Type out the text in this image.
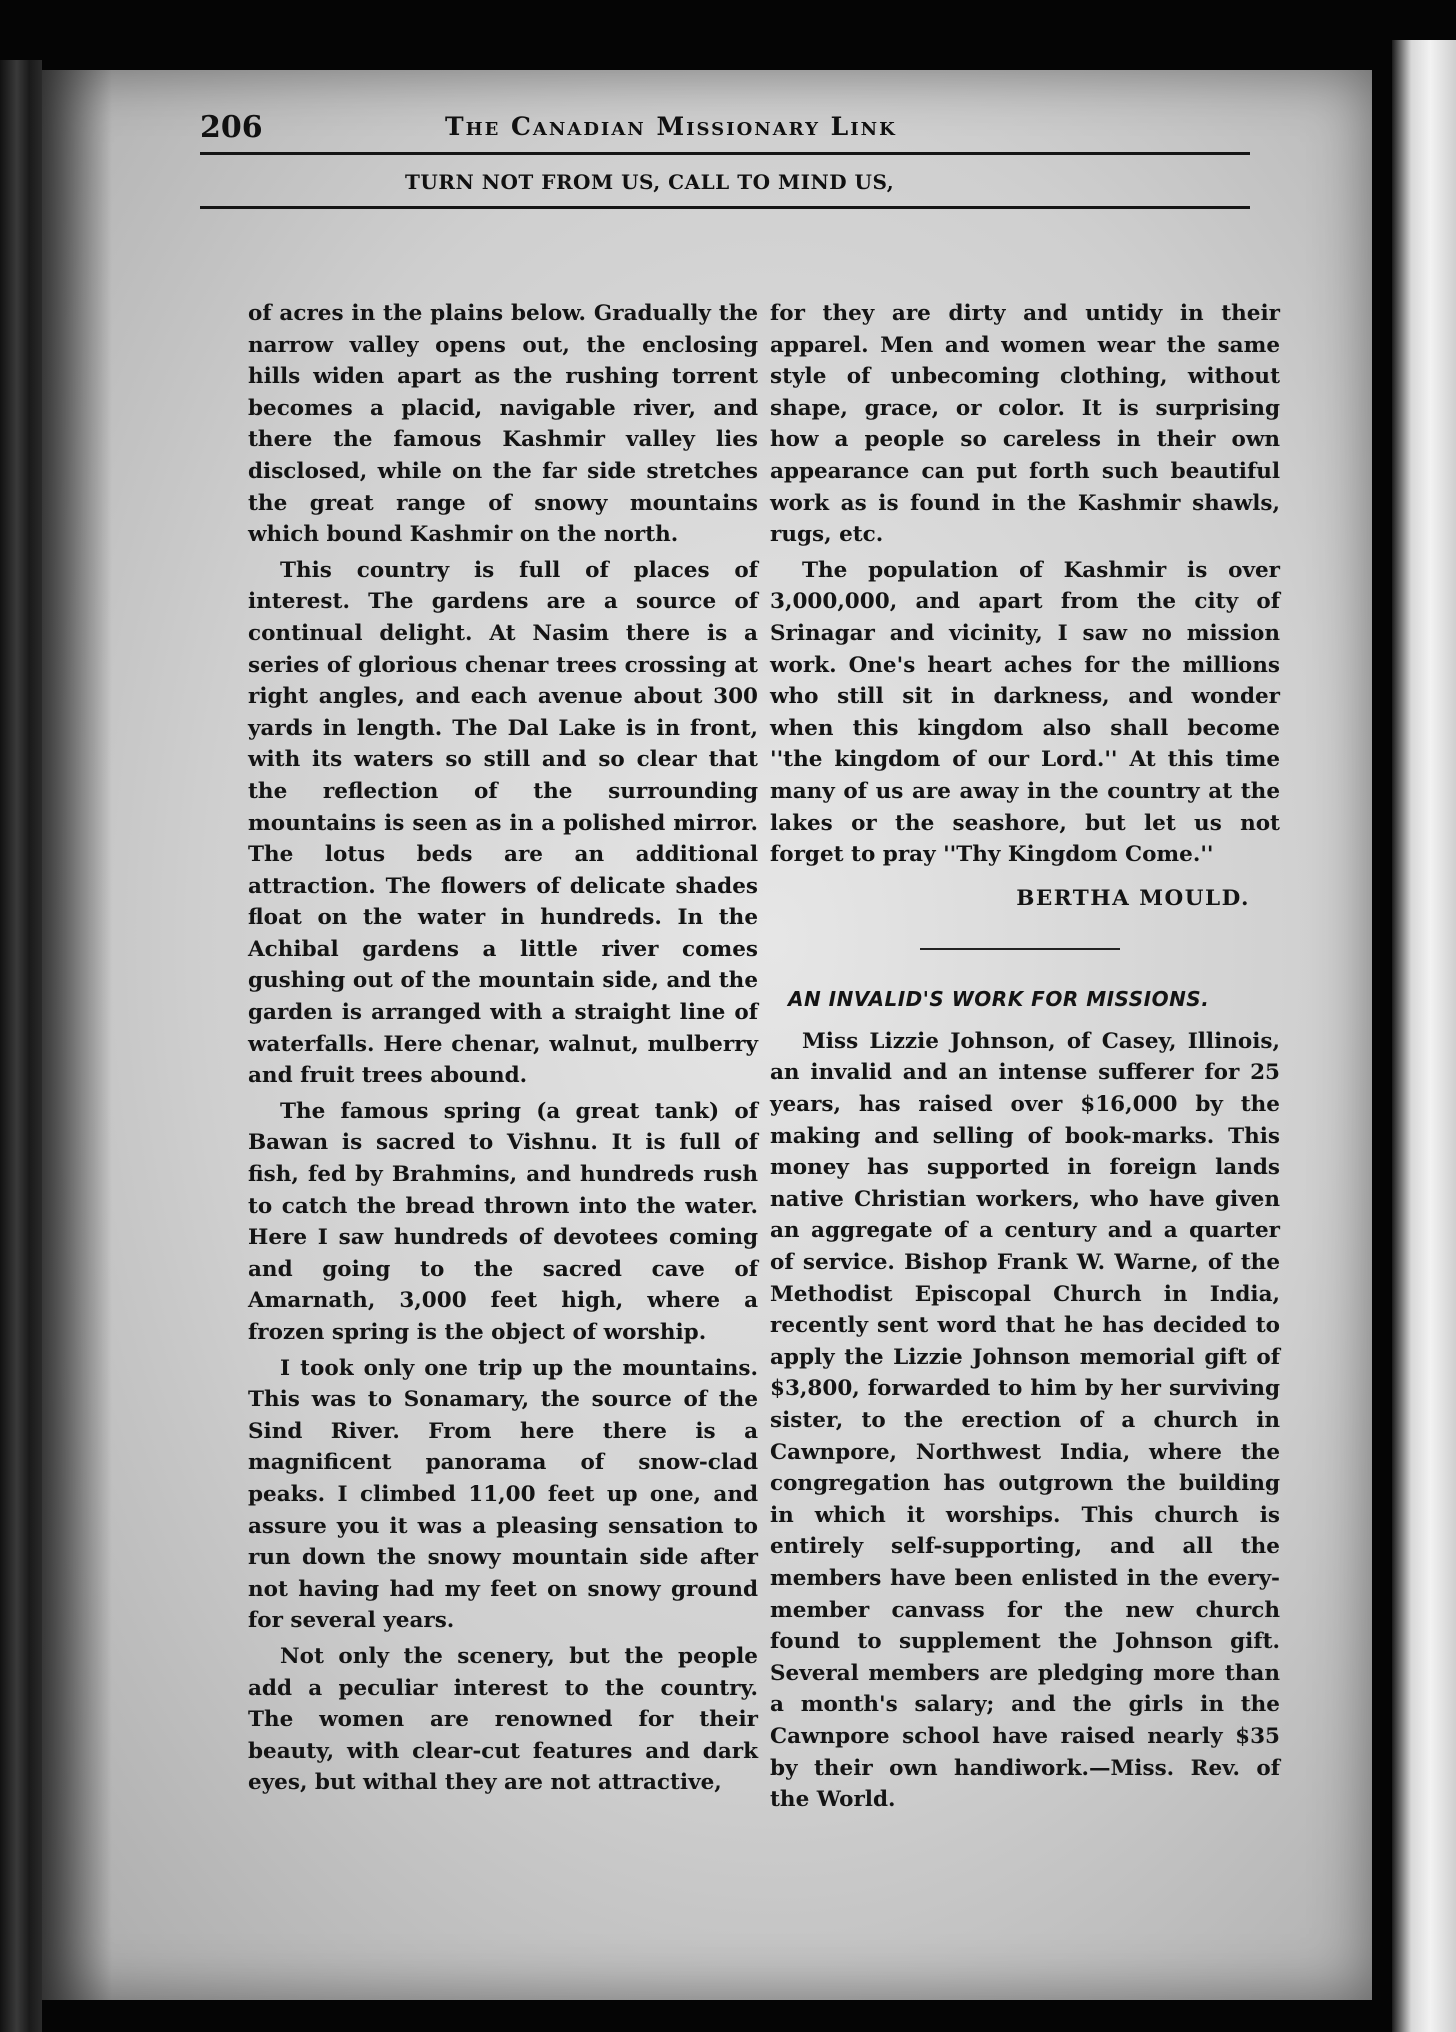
206	The Canadian Missionary Link
TURN NOT FROM US, CALL TO MIND US,

of acres in the plains below. Gradually the narrow valley opens out, the enclosing hills widen apart as the rushing torrent becomes a placid, navigable river, and there the famous Kashmir valley lies disclosed, while on the far side stretches the great range of snowy mountains which bound Kashmir on the north.

This country is full of places of interest. The gardens are a source of continual delight. At Nasim there is a series of glorious chenar trees crossing at right angles, and each avenue about 300 yards in length. The Dal Lake is in front, with its waters so still and so clear that the reflection of the surrounding mountains is seen as in a polished mirror. The lotus beds are an additional attraction. The flowers of delicate shades float on the water in hundreds. In the Achibal gardens a little river comes gushing out of the mountain side, and the garden is arranged with a straight line of waterfalls. Here chenar, walnut, mulberry and fruit trees abound.

The famous spring (a great tank) of Bawan is sacred to Vishnu. It is full of fish, fed by Brahmins, and hundreds rush to catch the bread thrown into the water. Here I saw hundreds of devotees coming and going to the sacred cave of Amarnath, 3,000 feet high, where a frozen spring is the object of worship.

I took only one trip up the mountains. This was to Sonamary, the source of the Sind River. From here there is a magnificent panorama of snow-clad peaks. I climbed 11,00 feet up one, and assure you it was a pleasing sensation to run down the snowy mountain side after not having had my feet on snowy ground for several years.

Not only the scenery, but the people add a peculiar interest to the country. The women are renowned for their beauty, with clear-cut features and dark eyes, but withal they are not attractive,

for they are dirty and untidy in their apparel. Men and women wear the same style of unbecoming clothing, without shape, grace, or color. It is surprising how a people so careless in their own appearance can put forth such beautiful work as is found in the Kashmir shawls, rugs, etc.

The population of Kashmir is over 3,000,000, and apart from the city of Srinagar and vicinity, I saw no mission work. One's heart aches for the millions who still sit in darkness, and wonder when this kingdom also shall become ''the kingdom of our Lord.'' At this time many of us are away in the country at the lakes or the seashore, but let us not forget to pray ''Thy Kingdom Come.''

BERTHA MOULD.
AN INVALID'S WORK FOR MISSIONS.

Miss Lizzie Johnson, of Casey, Illinois, an invalid and an intense sufferer for 25 years, has raised over $16,000 by the making and selling of book-marks. This money has supported in foreign lands native Christian workers, who have given an aggregate of a century and a quarter of service. Bishop Frank W. Warne, of the Methodist Episcopal Church in India, recently sent word that he has decided to apply the Lizzie Johnson memorial gift of $3,800, forwarded to him by her surviving sister, to the erection of a church in Cawnpore, Northwest India, where the congregation has outgrown the building in which it worships. This church is entirely self-supporting, and all the members have been enlisted in the every-member canvass for the new church found to supplement the Johnson gift. Several members are pledging more than a month's salary; and the girls in the Cawnpore school have raised nearly $35 by their own handiwork.—Miss. Rev. of the World.
